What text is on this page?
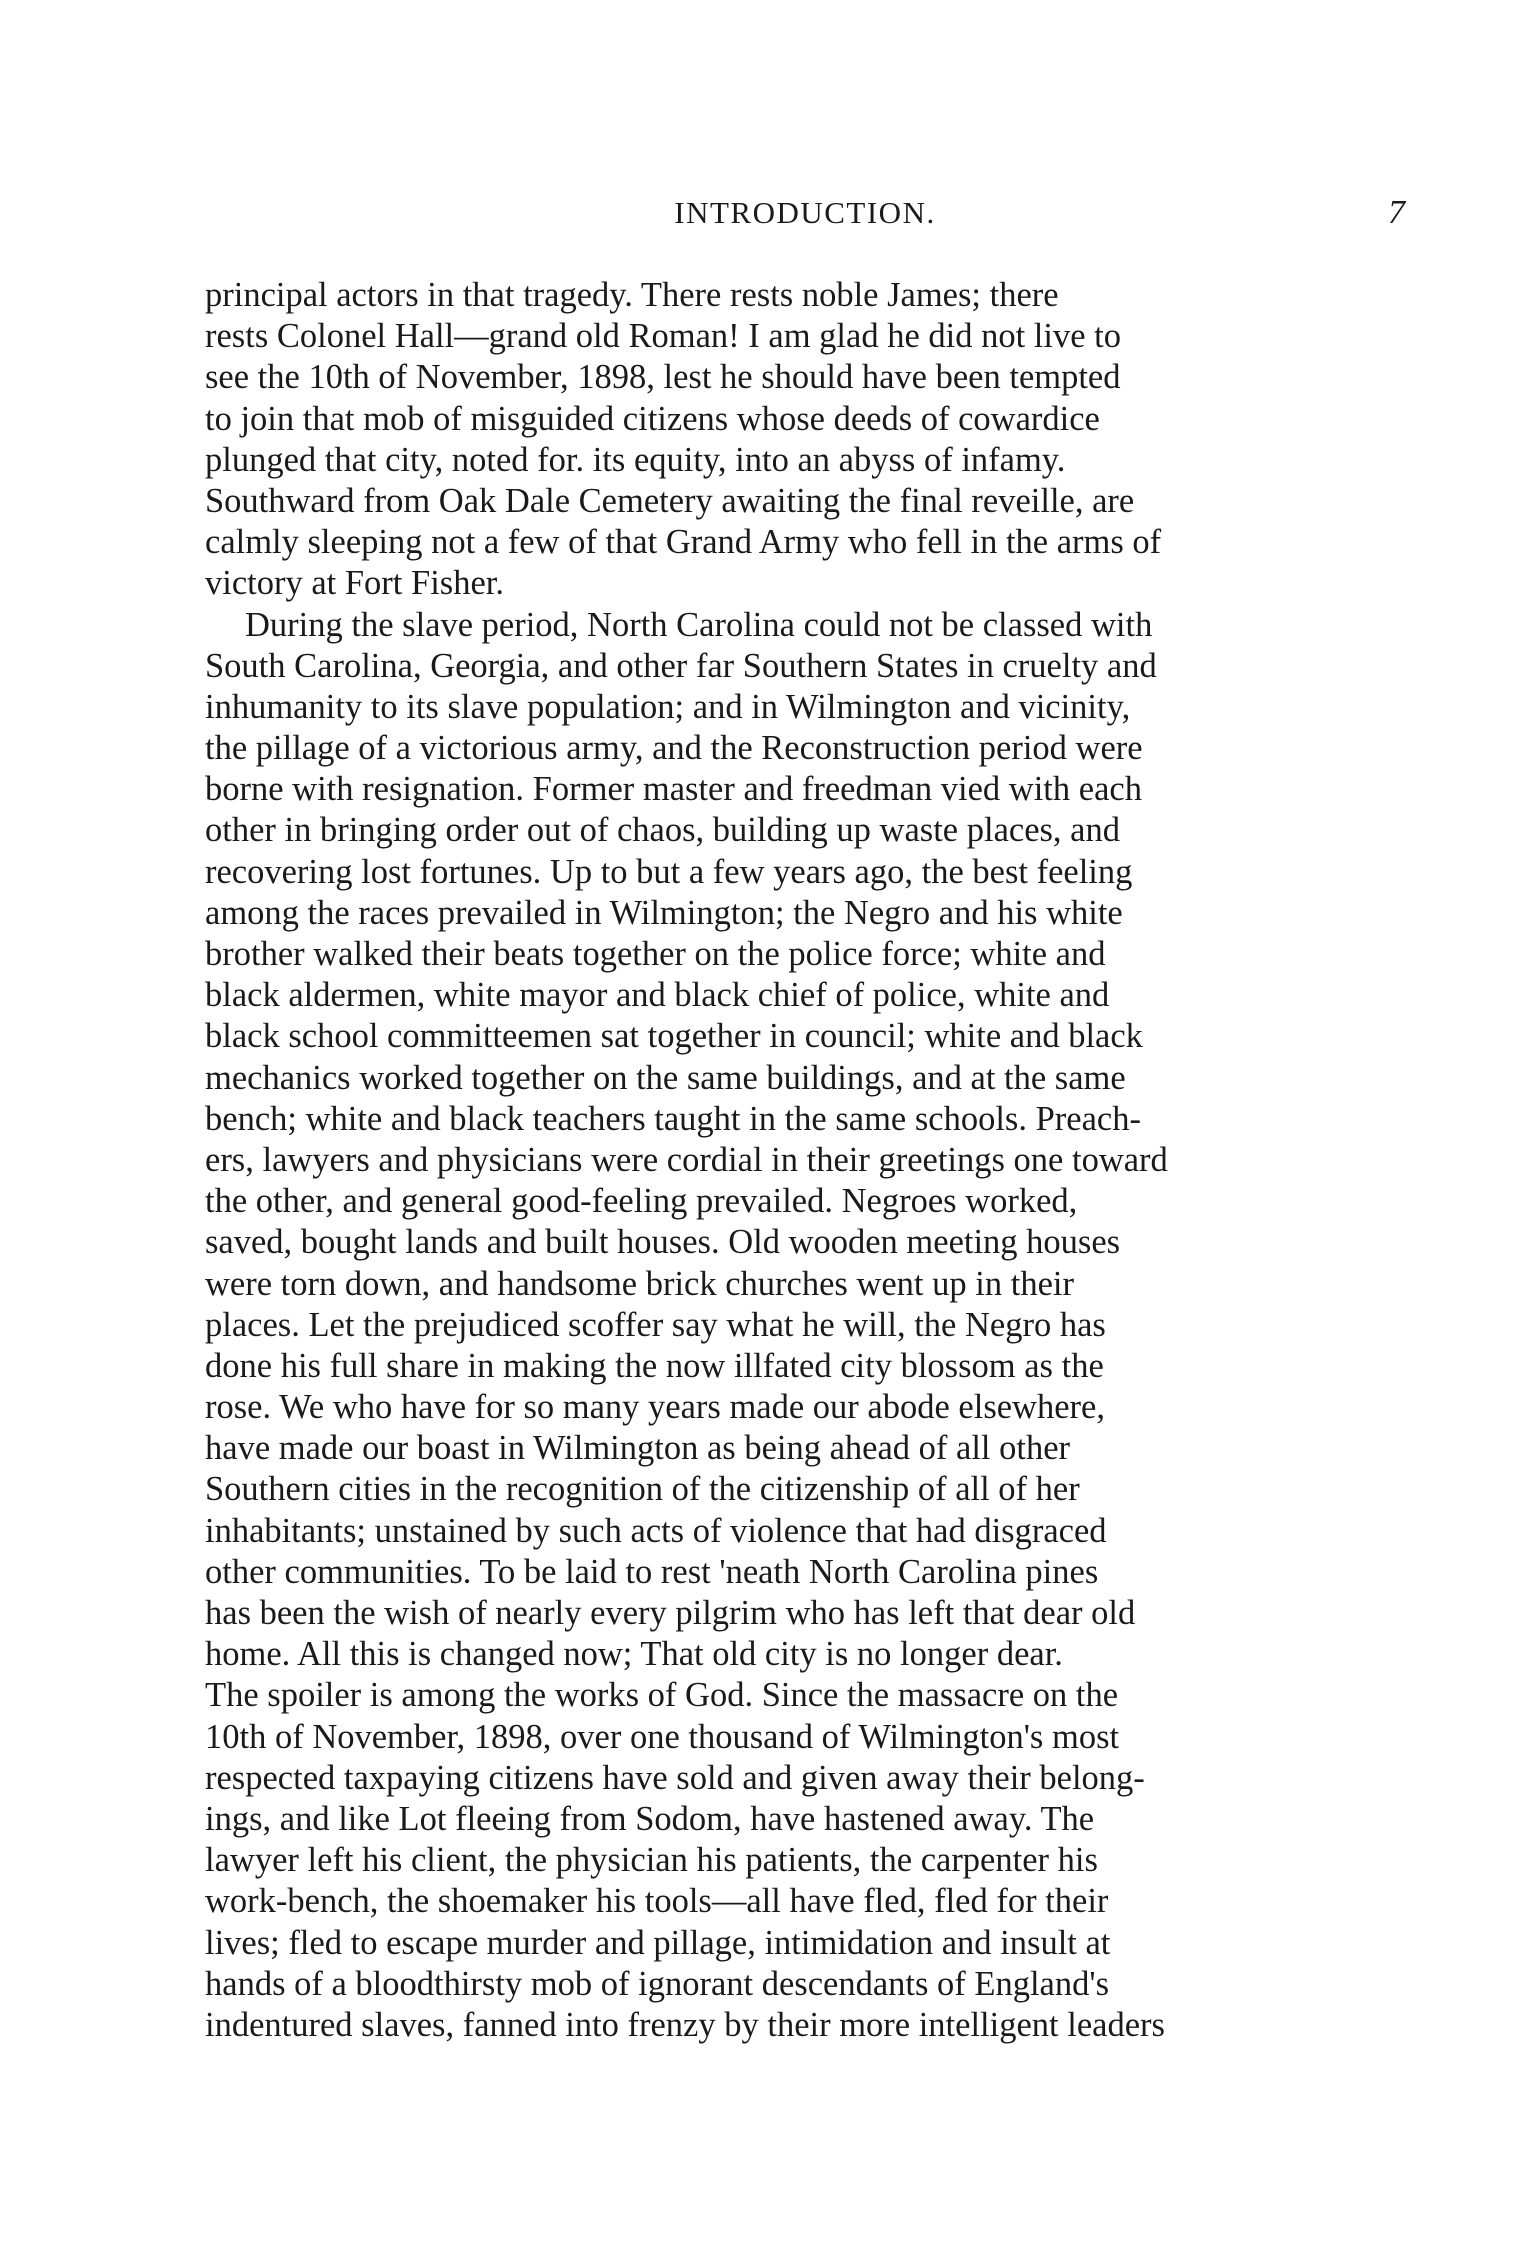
INTRODUCTION.	7
principal actors in that tragedy. There rests noble James; there
rests Colonel Hall—grand old Roman! I am glad he did not live to
see the 10th of November, 1898, lest he should have been tempted
to join that mob of misguided citizens whose deeds of cowardice
plunged that city, noted for. its equity, into an abyss of infamy.
Southward from Oak Dale Cemetery awaiting the final reveille, are
calmly sleeping not a few of that Grand Army who fell in the arms of
victory at Fort Fisher.
During the slave period, North Carolina could not be classed with
South Carolina, Georgia, and other far Southern States in cruelty and
inhumanity to its slave population; and in Wilmington and vicinity,
the pillage of a victorious army, and the Reconstruction period were
borne with resignation. Former master and freedman vied with each
other in bringing order out of chaos, building up waste places, and
recovering lost fortunes. Up to but a few years ago, the best feeling
among the races prevailed in Wilmington; the Negro and his white
brother walked their beats together on the police force; white and
black aldermen, white mayor and black chief of police, white and
black school committeemen sat together in council; white and black
mechanics worked together on the same buildings, and at the same
bench; white and black teachers taught in the same schools. Preach-
ers, lawyers and physicians were cordial in their greetings one toward
the other, and general good-feeling prevailed. Negroes worked,
saved, bought lands and built houses. Old wooden meeting houses
were torn down, and handsome brick churches went up in their
places. Let the prejudiced scoffer say what he will, the Negro has
done his full share in making the now illfated city blossom as the
rose. We who have for so many years made our abode elsewhere,
have made our boast in Wilmington as being ahead of all other
Southern cities in the recognition of the citizenship of all of her
inhabitants; unstained by such acts of violence that had disgraced
other communities. To be laid to rest 'neath North Carolina pines
has been the wish of nearly every pilgrim who has left that dear old
home. All this is changed now; That old city is no longer dear.
The spoiler is among the works of God. Since the massacre on the
10th of November, 1898, over one thousand of Wilmington's most
respected taxpaying citizens have sold and given away their belong-
ings, and like Lot fleeing from Sodom, have hastened away. The
lawyer left his client, the physician his patients, the carpenter his
work-bench, the shoemaker his tools—all have fled, fled for their
lives; fled to escape murder and pillage, intimidation and insult at
hands of a bloodthirsty mob of ignorant descendants of England's
indentured slaves, fanned into frenzy by their more intelligent leaders
